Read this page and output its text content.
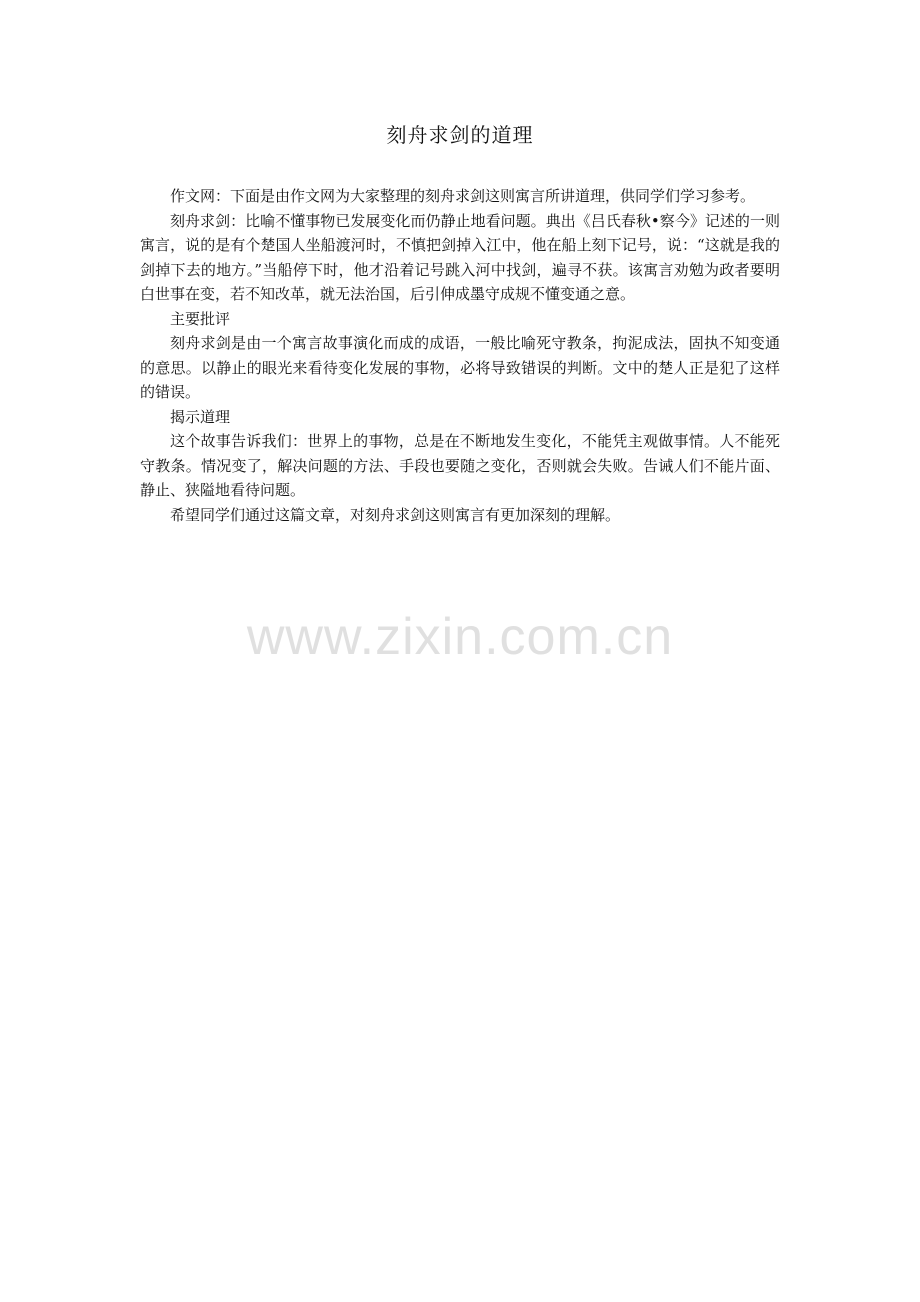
刻舟求剑的道理

作文网：下面是由作文网为大家整理的刻舟求剑这则寓言所讲道理，供同学们学习参考。

刻舟求剑：比喻不懂事物已发展变化而仍静止地看问题。典出《吕氏春秋•察今》记述的一则寓言，说的是有个楚国人坐船渡河时，不慎把剑掉入江中，他在船上刻下记号，说：“这就是我的剑掉下去的地方。”当船停下时，他才沿着记号跳入河中找剑，遍寻不获。该寓言劝勉为政者要明白世事在变，若不知改革，就无法治国，后引伸成墨守成规不懂变通之意。

主要批评

刻舟求剑是由一个寓言故事演化而成的成语，一般比喻死守教条，拘泥成法，固执不知变通的意思。以静止的眼光来看待变化发展的事物，必将导致错误的判断。文中的楚人正是犯了这样的错误。

揭示道理

这个故事告诉我们：世界上的事物，总是在不断地发生变化，不能凭主观做事情。人不能死守教条。情况变了，解决问题的方法、手段也要随之变化，否则就会失败。告诫人们不能片面、静止、狭隘地看待问题。

希望同学们通过这篇文章，对刻舟求剑这则寓言有更加深刻的理解。

www.zixin.com.cn
